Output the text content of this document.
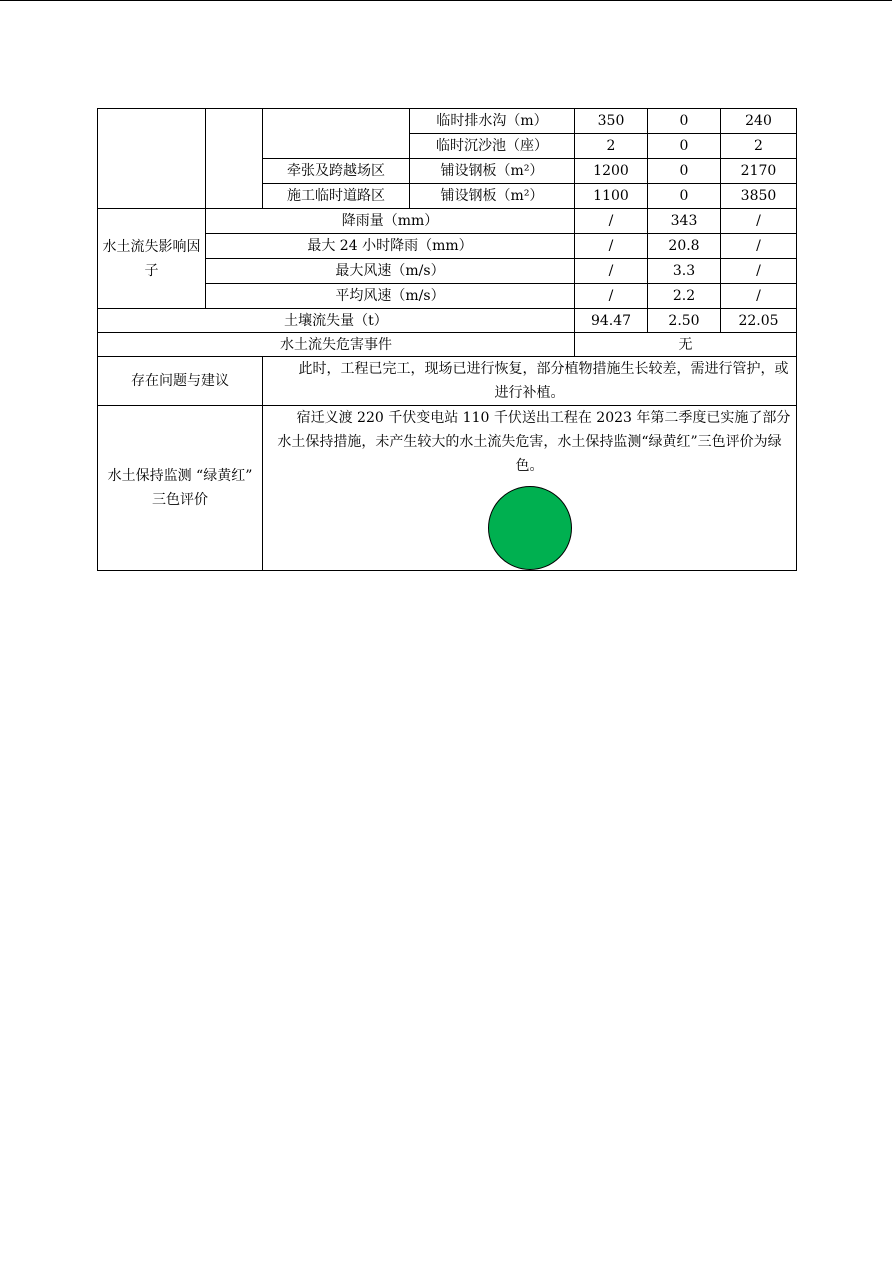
			临时排水沟（m）	350	0	240
			临时沉沙池（座）	2	0	2
		牵张及跨越场区	铺设钢板（m²）	1200	0	2170
		施工临时道路区	铺设钢板（m²）	1100	0	3850
水土流失影响因子	降雨量（mm）			/	343	/
	最大 24 小时降雨（mm）			/	20.8	/
	最大风速（m/s）			/	3.3	/
	平均风速（m/s）			/	2.2	/
土壤流失量（t）				94.47	2.50	22.05
水土流失危害事件				无		
存在问题与建议		此时，工程已完工，现场已进行恢复，部分植物措施生长较差，需进行管护，或进行补植。				
水土保持监测 “绿黄红” 三色评价		宿迁义渡 220 千伏变电站 110 千伏送出工程在 2023 年第二季度已实施了部分水土保持措施，未产生较大的水土流失危害，水土保持监测“绿黄红”三色评价为绿色。				
